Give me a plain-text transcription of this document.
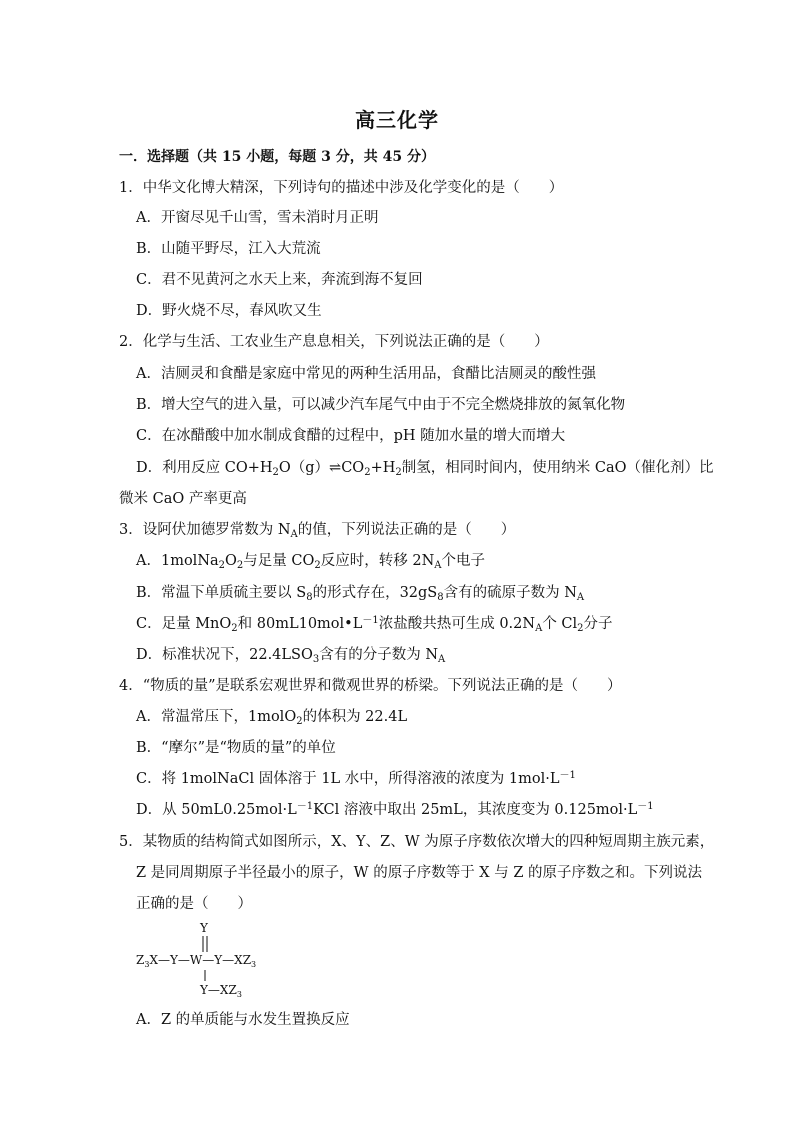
高三化学
一．选择题（共 15 小题，每题 3 分，共 45 分）
1．中华文化博大精深，下列诗句的描述中涉及化学变化的是（　　）
A．开窗尽见千山雪，雪未消时月正明
B．山随平野尽，江入大荒流
C．君不见黄河之水天上来，奔流到海不复回
D．野火烧不尽，春风吹又生
2．化学与生活、工农业生产息息相关，下列说法正确的是（　　）
A．洁厕灵和食醋是家庭中常见的两种生活用品，食醋比洁厕灵的酸性强
B．增大空气的进入量，可以减少汽车尾气中由于不完全燃烧排放的氮氧化物
C．在冰醋酸中加水制成食醋的过程中，pH 随加水量的增大而增大
D．利用反应 $CO+H_2O(g)\rightleftharpoons CO_2+H_2$制氢，相同时间内，使用纳米 CaO（催化剂）比
微米 CaO 产率更高
3．设阿伏加德罗常数为 $N_A$的值，下列说法正确的是（　　）
A．$1molNa_2O_2$与足量 $CO_2$反应时，转移 $2N_A$个电子
B．常温下单质硫主要以 $S_8$的形式存在，$32gS_8$含有的硫原子数为 $N_A$
C．足量 MnO$_2$和 $80mL10mol•L^{-1}$浓盐酸共热可生成 $0.2N_A$个 $Cl_2$分子
D．标准状况下，$22.4LSO_3$含有的分子数为 $N_A$
4．“物质的量”是联系宏观世界和微观世界的桥梁。下列说法正确的是（　　）
A．常温常压下，1molO$_2$的体积为 22.4L
B．“摩尔”是“物质的量”的单位
C．将 1molNaCl 固体溶于 1L 水中，所得溶液的浓度为 $1mol\cdot L^{-1}$
D．从 $50mL0.25mol\cdot L^{-1}KCl$ 溶液中取出 25mL，其浓度变为 $0.125mol\cdot L^{-1}$
5．某物质的结构简式如图所示，X、Y、Z、W 为原子序数依次增大的四种短周期主族元素，
Z 是同周期原子半径最小的原子，W 的原子序数等于 X 与 Z 的原子序数之和。下列说法
正确的是（　　）
Y
$Z_3X—Y—W—Y—XZ_3$
$Y—XZ_3$
A．Z 的单质能与水发生置换反应
